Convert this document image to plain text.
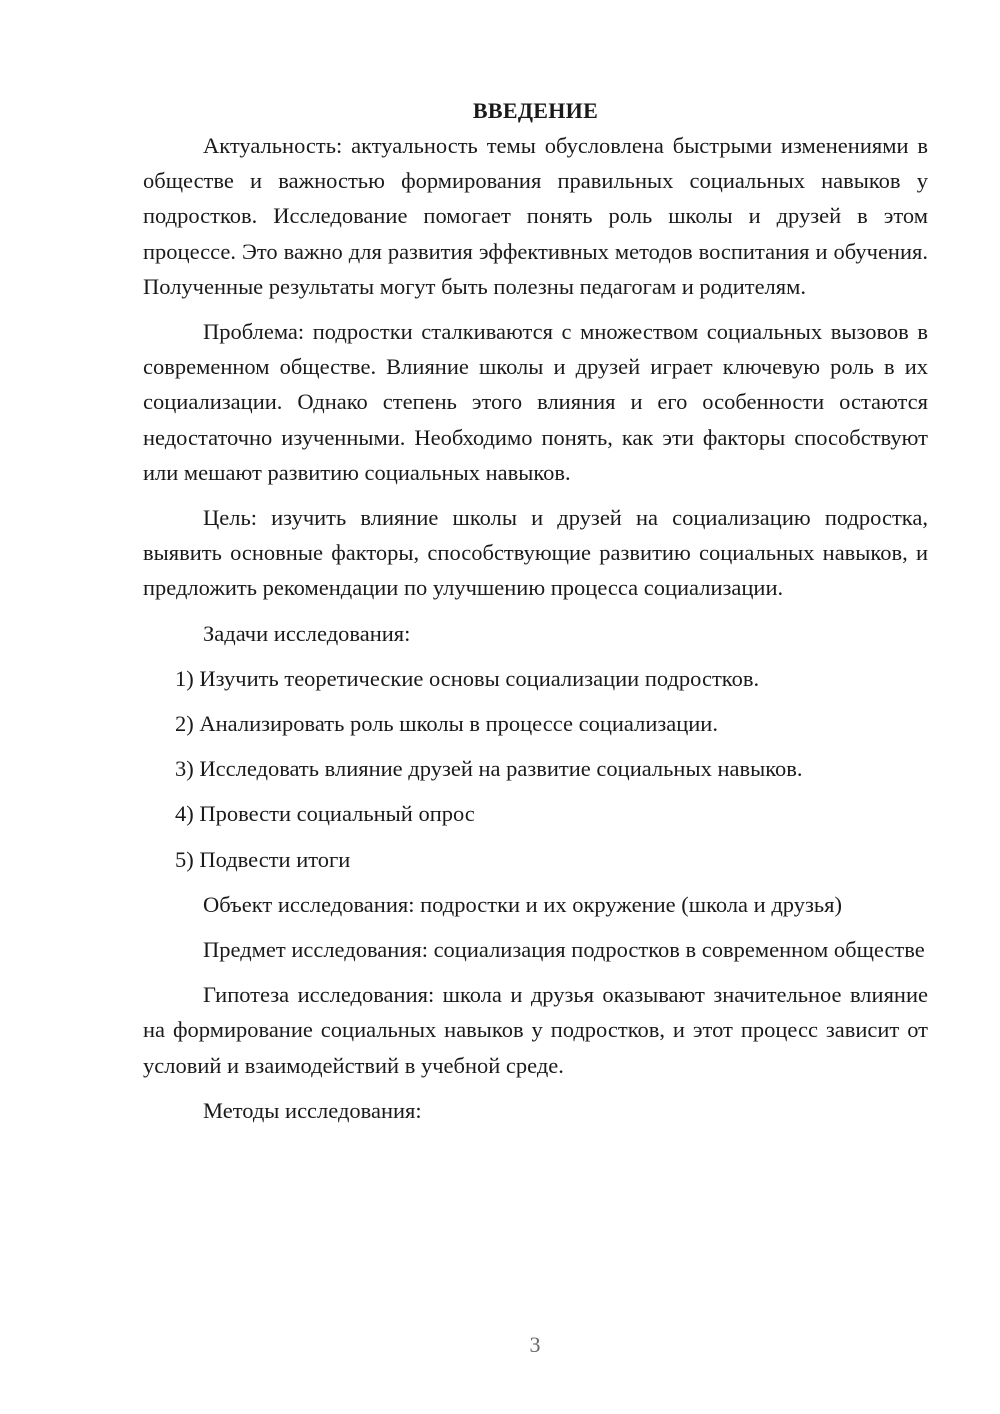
ВВЕДЕНИЕ

Актуальность: актуальность темы обусловлена быстрыми изменениями в обществе и важностью формирования правильных социальных навыков у подростков. Исследование помогает понять роль школы и друзей в этом процессе. Это важно для развития эффективных методов воспитания и обучения. Полученные результаты могут быть полезны педагогам и родителям.

Проблема: подростки сталкиваются с множеством социальных вызовов в современном обществе. Влияние школы и друзей играет ключевую роль в их социализации. Однако степень этого влияния и его особенности остаются недостаточно изученными. Необходимо понять, как эти факторы способствуют или мешают развитию социальных навыков.

Цель: изучить влияние школы и друзей на социализацию подростка, выявить основные факторы, способствующие развитию социальных навыков, и предложить рекомендации по улучшению процесса социализации.

Задачи исследования:

1) Изучить теоретические основы социализации подростков.
2) Анализировать роль школы в процессе социализации.
3) Исследовать влияние друзей на развитие социальных навыков.
4) Провести социальный опрос
5) Подвести итоги

Объект исследования: подростки и их окружение (школа и друзья)

Предмет исследования: социализация подростков в современном обществе

Гипотеза исследования: школа и друзья оказывают значительное влияние на формирование социальных навыков у подростков, и этот процесс зависит от условий и взаимодействий в учебной среде.

Методы исследования:

3
